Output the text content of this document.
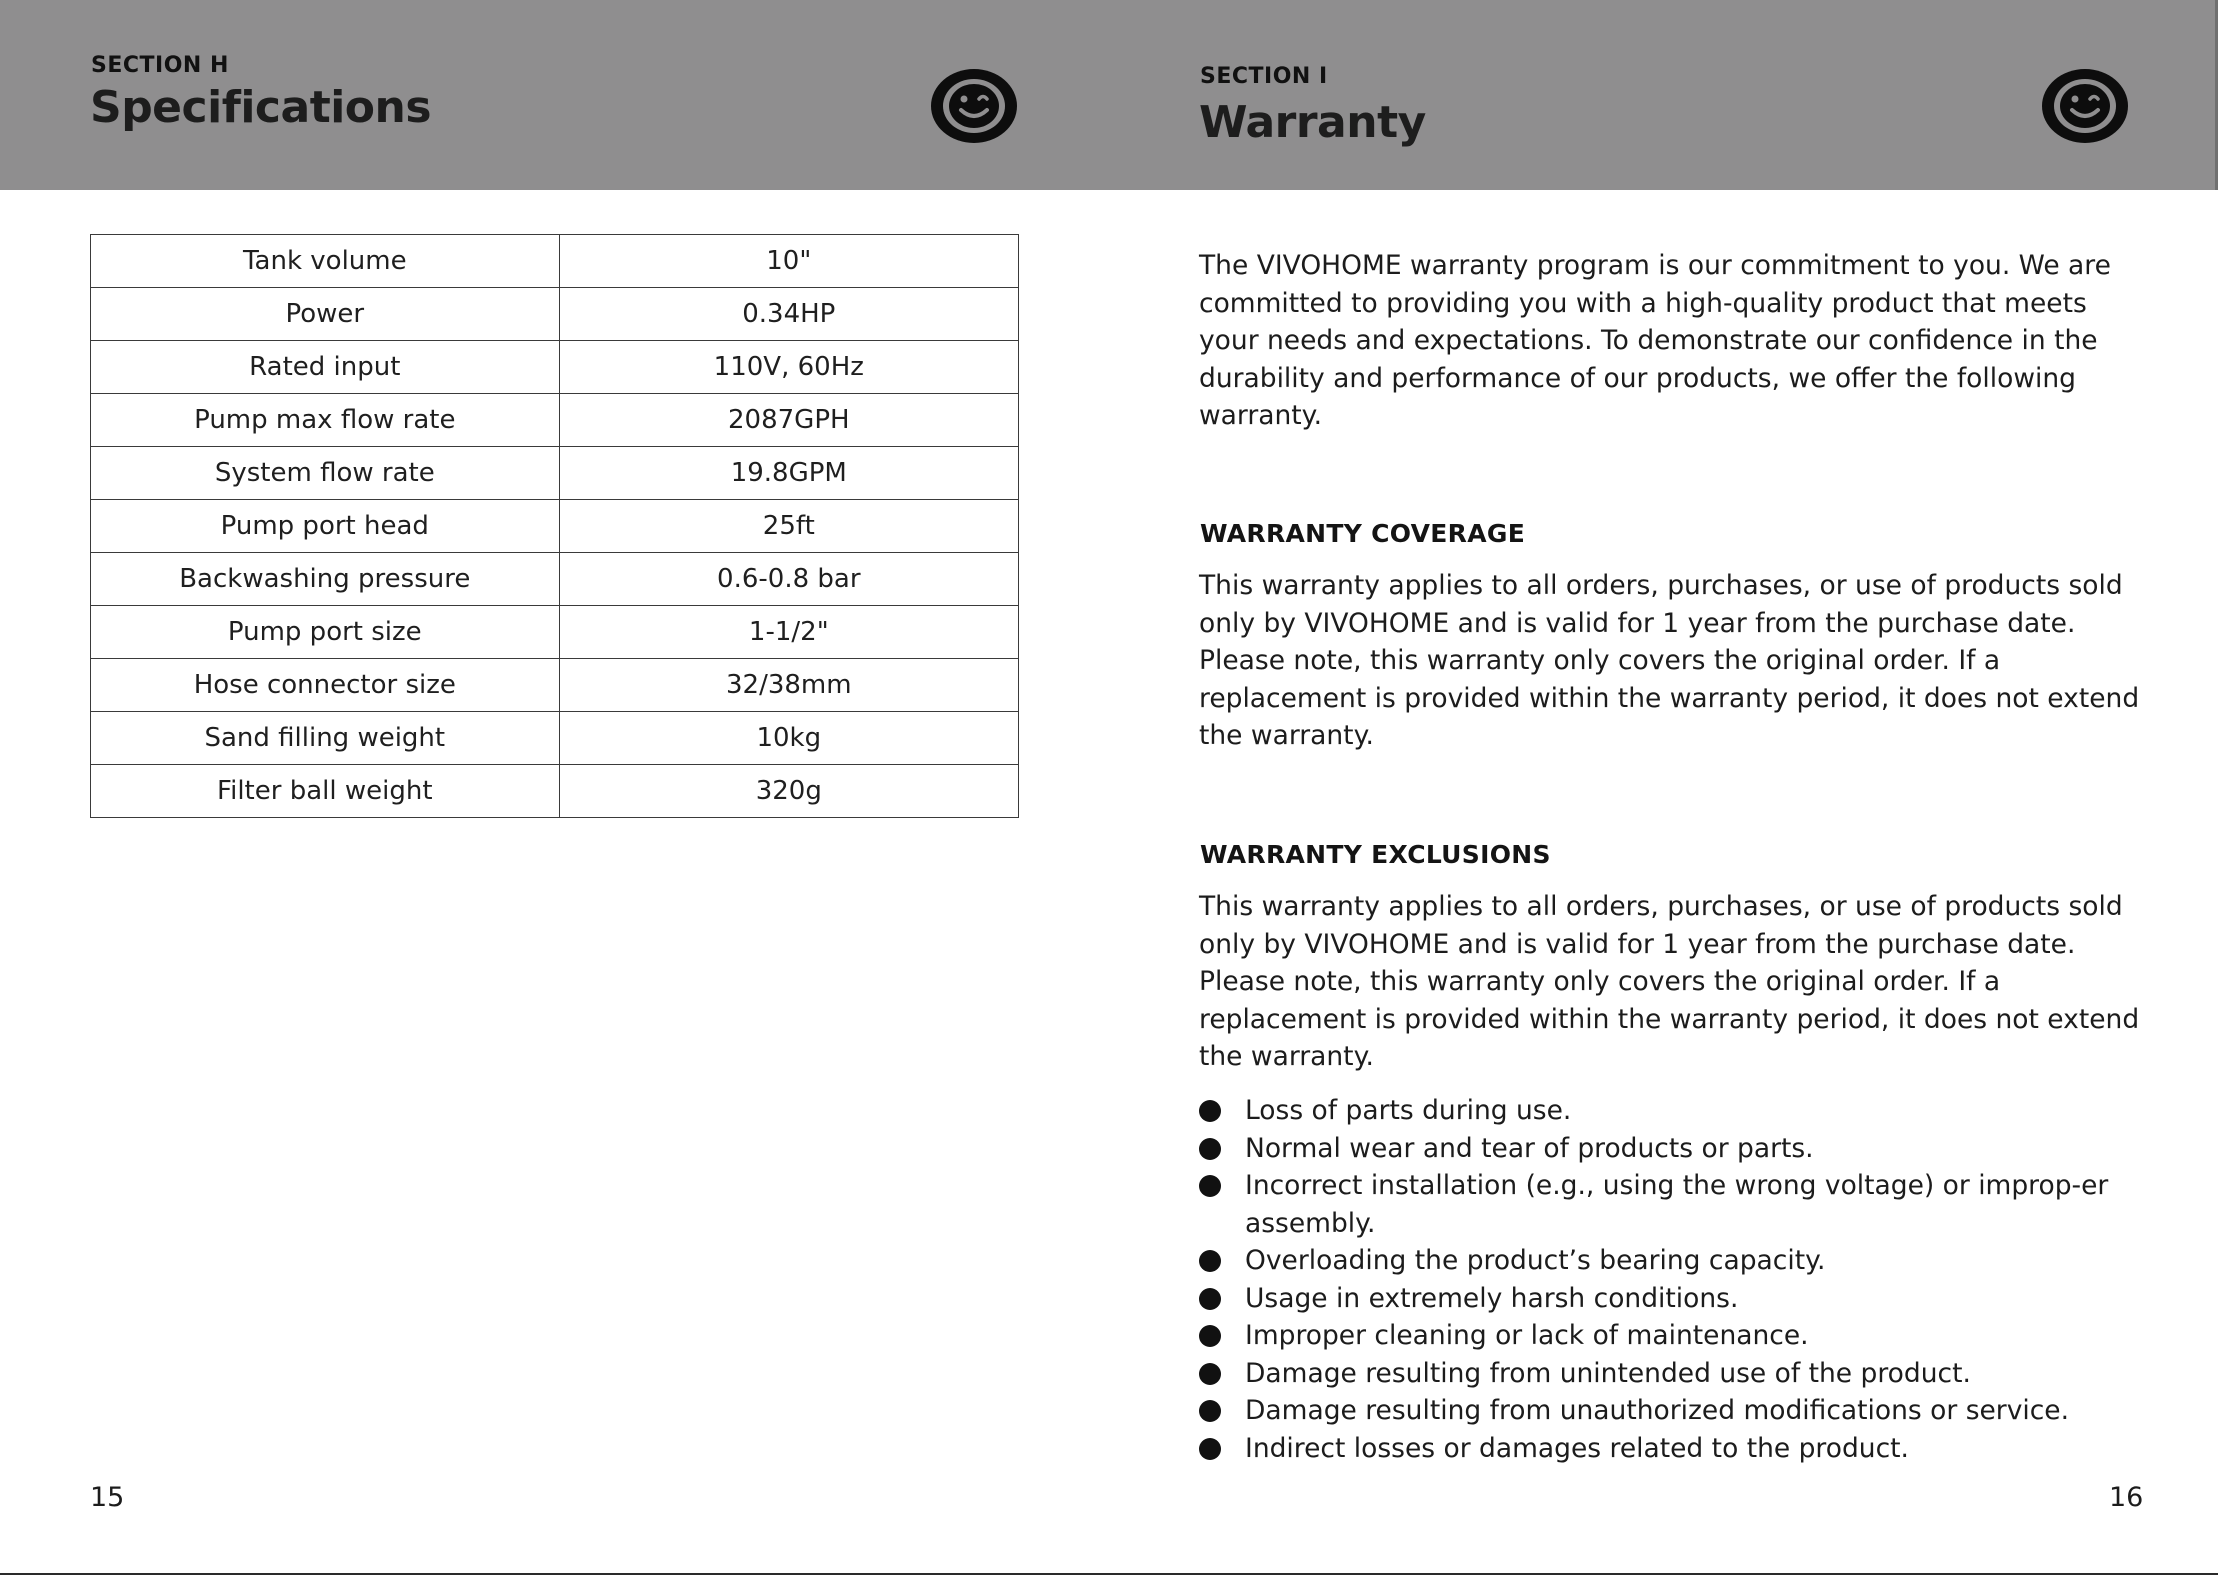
SECTION H
Specifications
Tank volume	10"
Power	0.34HP
Rated input	110V, 60Hz
Pump max flow rate	2087GPH
System flow rate	19.8GPM
Pump port head	25ft
Backwashing pressure	0.6-0.8 bar
Pump port size	1-1/2"
Hose connector size	32/38mm
Sand filling weight	10kg
Filter ball weight	320g
15
SECTION I
Warranty

The VIVOHOME warranty program is our commitment to you. We are committed to providing you with a high-quality product that meets your needs and expectations. To demonstrate our confidence in the durability and performance of our products, we offer the following warranty.

WARRANTY COVERAGE

This warranty applies to all orders, purchases, or use of products sold only by VIVOHOME and is valid for 1 year from the purchase date. Please note, this warranty only covers the original order. If a replacement is provided within the warranty period, it does not extend the warranty.

WARRANTY EXCLUSIONS

This warranty applies to all orders, purchases, or use of products sold only by VIVOHOME and is valid for 1 year from the purchase date. Please note, this warranty only covers the original order. If a replacement is provided within the warranty period, it does not extend the warranty.

Loss of parts during use.
Normal wear and tear of products or parts.
Incorrect installation (e.g., using the wrong voltage) or improp-er assembly.
Overloading the product’s bearing capacity.
Usage in extremely harsh conditions.
Improper cleaning or lack of maintenance.
Damage resulting from unintended use of the product.
Damage resulting from unauthorized modifications or service.
Indirect losses or damages related to the product.
16
